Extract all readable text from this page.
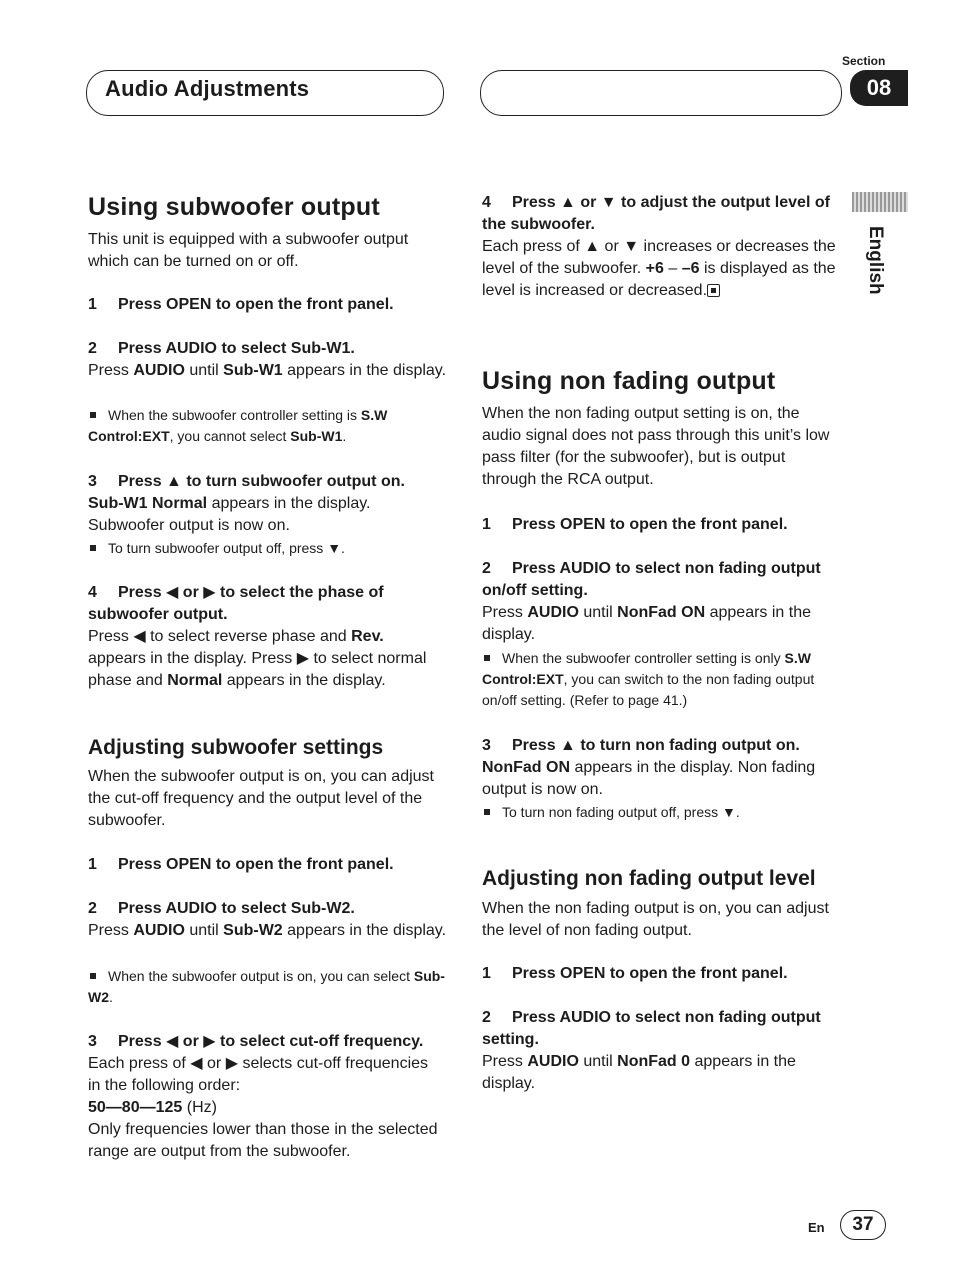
Section
Audio Adjustments	08
English
Using subwoofer output

This unit is equipped with a subwoofer output which can be turned on or off.

1 Press OPEN to open the front panel.

2 Press AUDIO to select Sub-W1.

Press AUDIO until Sub-W1 appears in the display.

When the subwoofer controller setting is S.W Control:EXT, you cannot select Sub-W1.

3 Press ▲ to turn subwoofer output on.

Sub-W1 Normal appears in the display. Subwoofer output is now on.

To turn subwoofer output off, press ▼.

4 Press ◀ or ▶ to select the phase of subwoofer output.

Press ◀ to select reverse phase and Rev. appears in the display. Press ▶ to select normal phase and Normal appears in the display.

Adjusting subwoofer settings

When the subwoofer output is on, you can adjust the cut-off frequency and the output level of the subwoofer.

1 Press OPEN to open the front panel.

2 Press AUDIO to select Sub-W2.

Press AUDIO until Sub-W2 appears in the display.

When the subwoofer output is on, you can select Sub-W2.

3 Press ◀ or ▶ to select cut-off frequency.

Each press of ◀ or ▶ selects cut-off frequencies in the following order:

50—80—125 (Hz)

Only frequencies lower than those in the selected range are output from the subwoofer.

4 Press ▲ or ▼ to adjust the output level of the subwoofer.

Each press of ▲ or ▼ increases or decreases the level of the subwoofer. +6 – –6 is displayed as the level is increased or decreased.

Using non fading output

When the non fading output setting is on, the audio signal does not pass through this unit’s low pass filter (for the subwoofer), but is output through the RCA output.

1 Press OPEN to open the front panel.

2 Press AUDIO to select non fading output on/off setting.

Press AUDIO until NonFad ON appears in the display.

When the subwoofer controller setting is only S.W Control:EXT, you can switch to the non fading output on/off setting. (Refer to page 41.)

3 Press ▲ to turn non fading output on.

NonFad ON appears in the display. Non fading output is now on.

To turn non fading output off, press ▼.

Adjusting non fading output level

When the non fading output is on, you can adjust the level of non fading output.

1 Press OPEN to open the front panel.

2 Press AUDIO to select non fading output setting.

Press AUDIO until NonFad 0 appears in the display.

En	37
